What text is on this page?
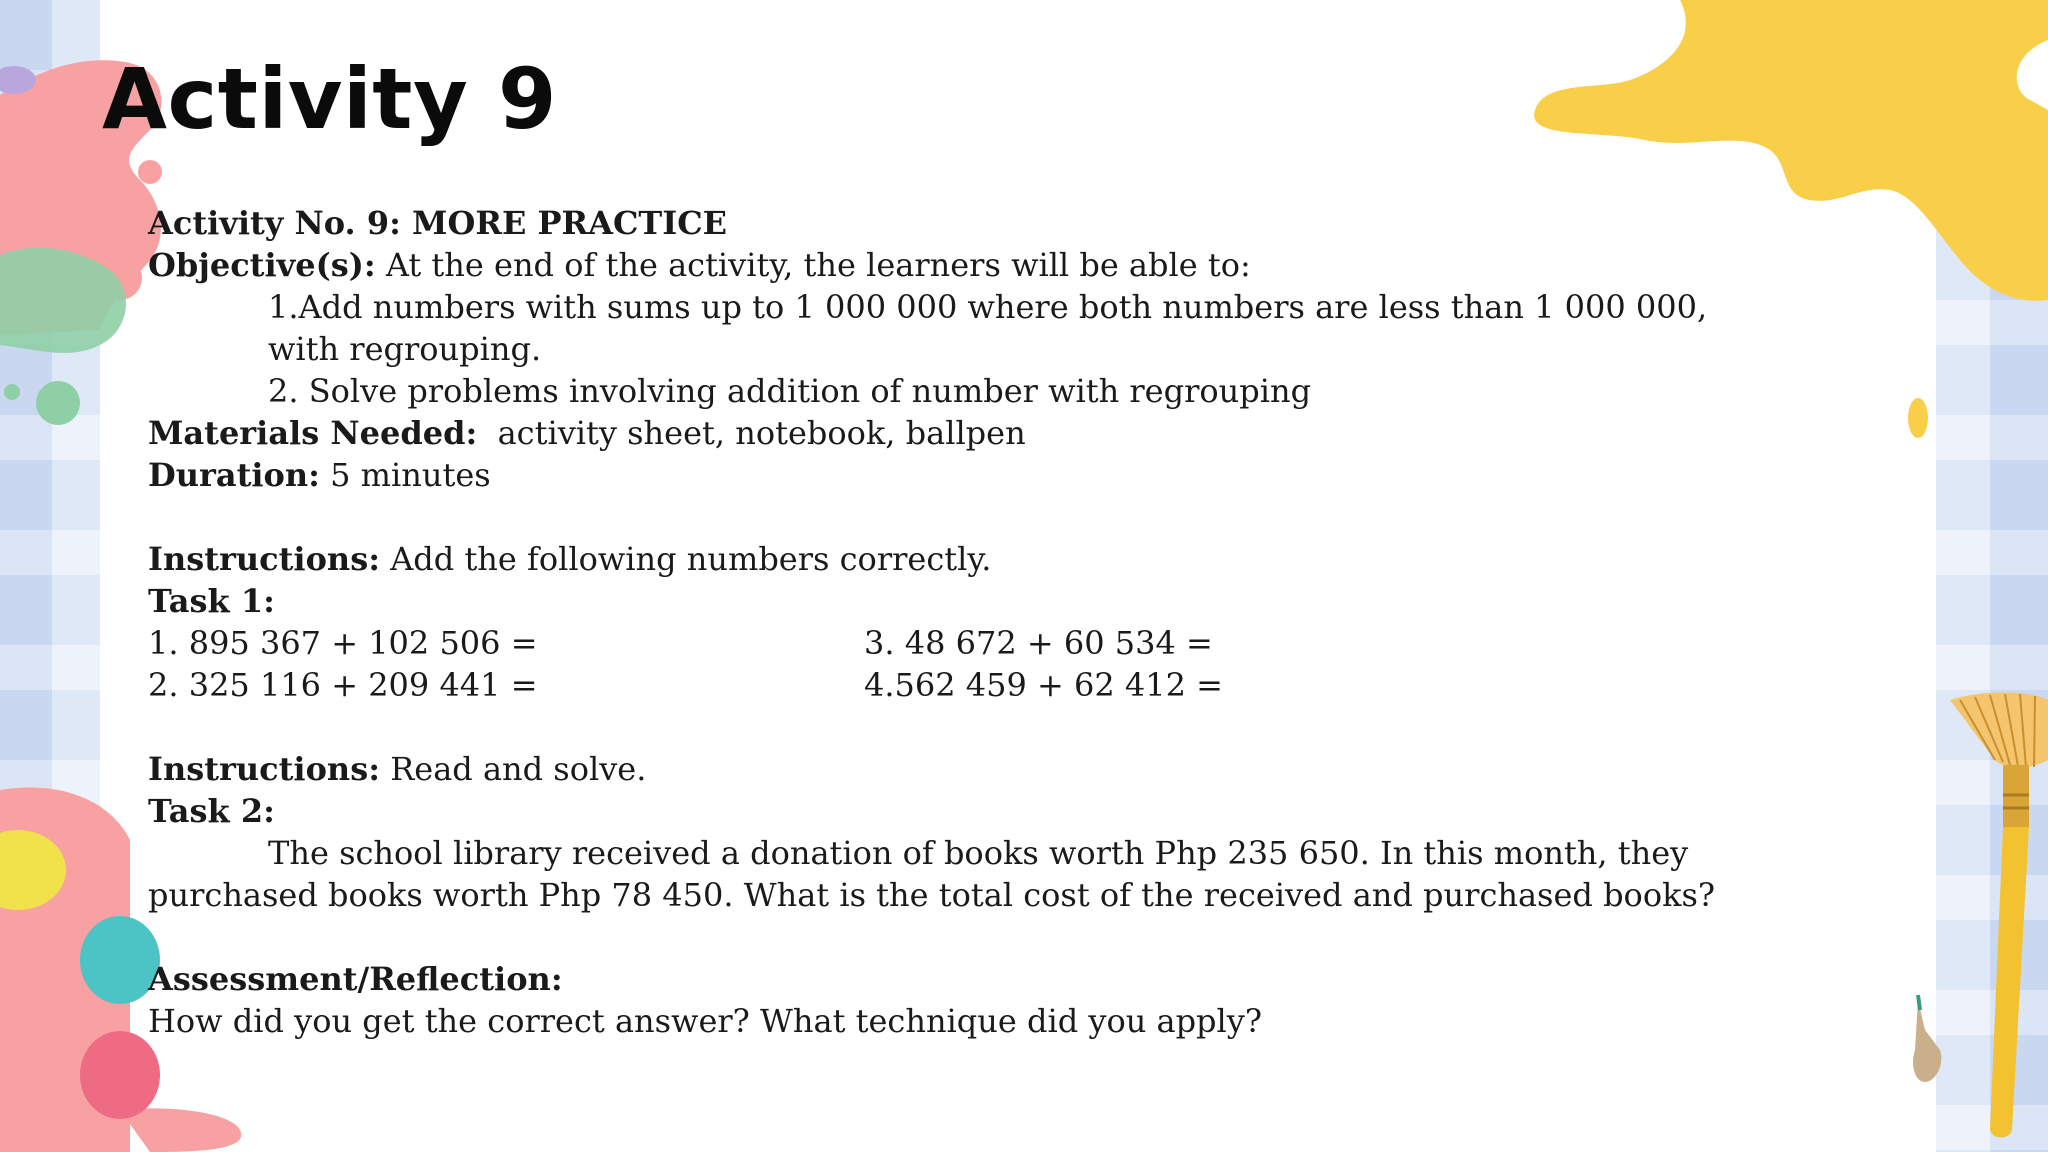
Activity 9
Activity No. 9: MORE PRACTICE
Objective(s): At the end of the activity, the learners will be able to:
1.Add numbers with sums up to 1 000 000 where both numbers are less than 1 000 000,
with regrouping.
2. Solve problems involving addition of number with regrouping
Materials Needed:  activity sheet, notebook, ballpen
Duration: 5 minutes
Instructions: Add the following numbers correctly.
Task 1:
1. 895 367 + 102 506 =	3. 48 672 + 60 534 =
2. 325 116 + 209 441 =	4.562 459 + 62 412 =
Instructions: Read and solve.
Task 2:
The school library received a donation of books worth Php 235 650. In this month, they
purchased books worth Php 78 450. What is the total cost of the received and purchased books?
Assessment/Reflection:
How did you get the correct answer? What technique did you apply?
